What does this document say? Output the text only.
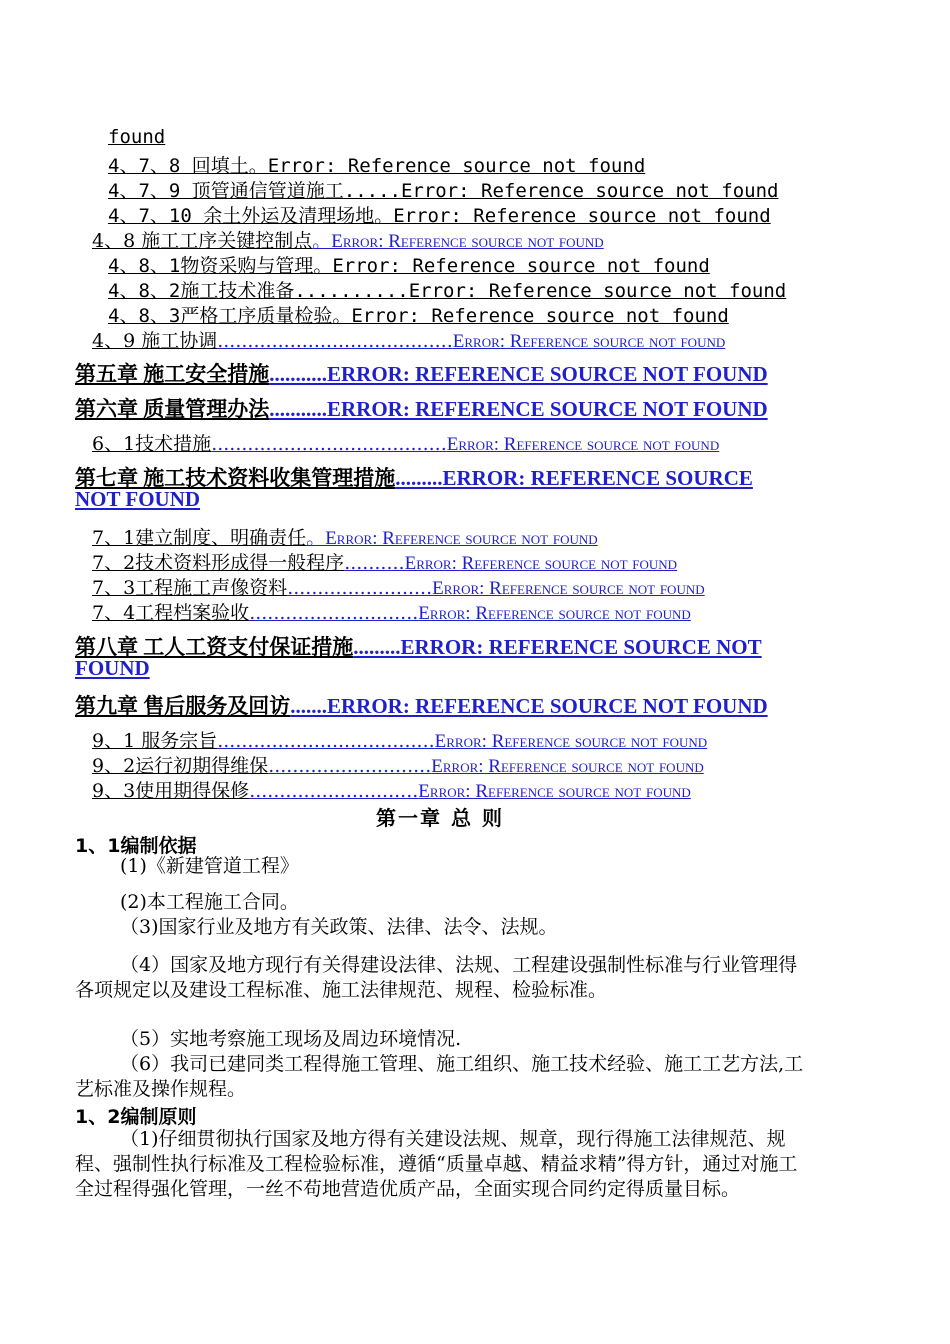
found
4、7、8 回填土。Error: Reference source not found
4、7、9 顶管通信管道施工.....Error: Reference source not found
4、7、10 余土外运及清理场地。Error: Reference source not found
4、8 施工工序关键控制点。Error: Reference source not found
4、8、1物资采购与管理。Error: Reference source not found
4、8、2施工技术准备..........Error: Reference source not found
4、8、3严格工序质量检验。Error: Reference source not found
4、9 施工协调.......................................Error: Reference source not found
第五章 施工安全措施...........ERROR: REFERENCE SOURCE NOT FOUND
第六章 质量管理办法...........ERROR: REFERENCE SOURCE NOT FOUND
6、1技术措施.......................................Error: Reference source not found
第七章 施工技术资料收集管理措施.........ERROR: REFERENCE SOURCE
NOT FOUND
7、1建立制度、明确责任。Error: Reference source not found
7、2技术资料形成得一般程序..........Error: Reference source not found
7、3工程施工声像资料........................Error: Reference source not found
7、4工程档案验收............................Error: Reference source not found
第八章 工人工资支付保证措施.........ERROR: REFERENCE SOURCE NOT
FOUND
第九章 售后服务及回访.......ERROR: REFERENCE SOURCE NOT FOUND
9、1 服务宗旨....................................Error: Reference source not found
9、2运行初期得维保...........................Error: Reference source not found
9、3使用期得保修............................Error: Reference source not found
第一章 总 则
1、1编制依据
(1)《新建管道工程》
(2)本工程施工合同。
（3)国家行业及地方有关政策、法律、法令、法规。
（4）国家及地方现行有关得建设法律、法规、工程建设强制性标准与行业管理得各项规定以及建设工程标准、施工法律规范、规程、检验标准。
（5）实地考察施工现场及周边环境情况.
（6）我司已建同类工程得施工管理、施工组织、施工技术经验、施工工艺方法,工艺标准及操作规程。
1、2编制原则
（1)仔细贯彻执行国家及地方得有关建设法规、规章，现行得施工法律规范、规程、强制性执行标准及工程检验标准，遵循“质量卓越、精益求精”得方针，通过对施工全过程得强化管理，一丝不苟地营造优质产品，全面实现合同约定得质量目标。
